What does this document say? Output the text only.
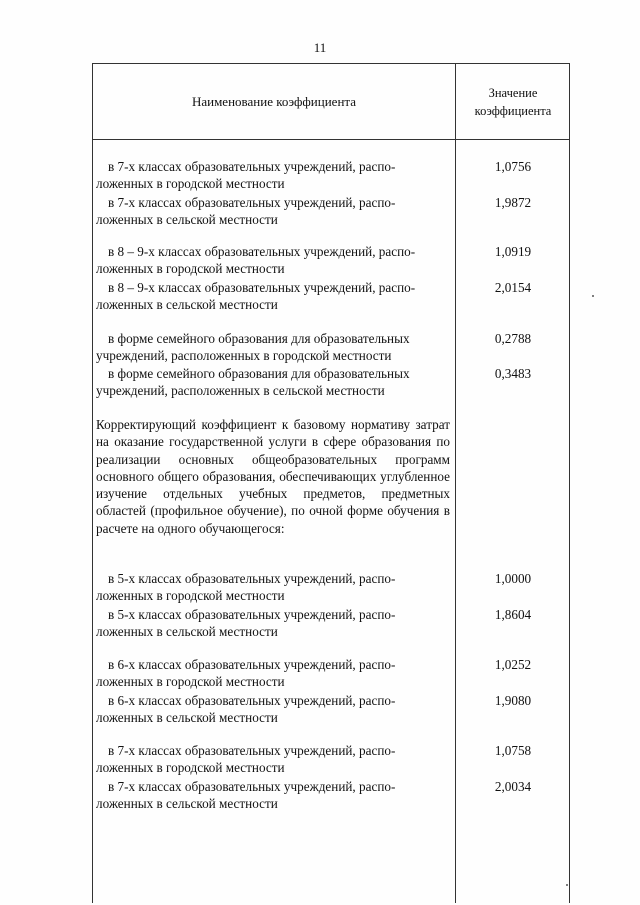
11
Наименование коэффициента
Значение
коэффициента
в 7-х классах образовательных учреждений, распо-
ложенных в городской местности
1,0756
в 7-х классах образовательных учреждений, распо-
ложенных в сельской местности
1,9872
в 8 – 9-х классах образовательных учреждений, распо-
ложенных в городской местности
1,0919
в 8 – 9-х классах образовательных учреждений, распо-
ложенных в сельской местности
2,0154
в форме семейного образования для образовательных
учреждений, расположенных в городской местности
0,2788
в форме семейного образования для образовательных
учреждений, расположенных в сельской местности
0,3483
Корректирующий коэффициент к базовому нормативу затрат на оказание государственной услуги в сфере образования по реализации основных общеобразовательных программ основного общего образования, обеспечивающих углубленное изучение отдельных учебных предметов, предметных областей (профильное обучение), по очной форме обучения в расчете на одного обучающегося:
в 5-х классах образовательных учреждений, распо-
ложенных в городской местности
1,0000
в 5-х классах образовательных учреждений, распо-
ложенных в сельской местности
1,8604
в 6-х классах образовательных учреждений, распо-
ложенных в городской местности
1,0252
в 6-х классах образовательных учреждений, распо-
ложенных в сельской местности
1,9080
в 7-х классах образовательных учреждений, распо-
ложенных в городской местности
1,0758
в 7-х классах образовательных учреждений, распо-
ложенных в сельской местности
2,0034
